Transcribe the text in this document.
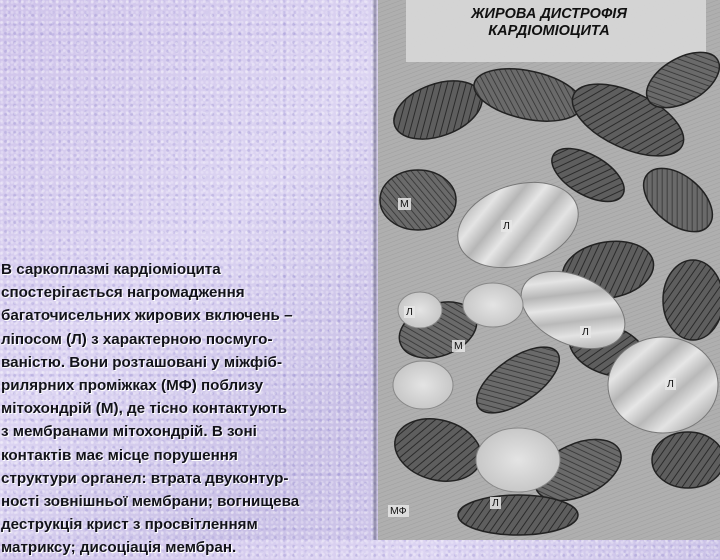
В саркоплазмі кардіоміоцита
спостерігається нагромадження
багаточисельних жирових включень –
ліпосом (Л) з характерною посмуго-
ваністю. Вони розташовані у міжфіб-
рилярних проміжках (МФ) поблизу
мітохондрій (М), де тісно контактують
з мембранами мітохондрій. В зоні
контактів має місце порушення
структури органел: втрата двуконтур-
ності зовнішньої мембрани; вогнищева
деструкція крист з просвітленням
матриксу; дисоціація мембран.
ЖИРОВА ДИСТРОФІЯ
КАРДІОМІОЦИТА
М
Л
Л
М
Л
Л
Л
МФ
